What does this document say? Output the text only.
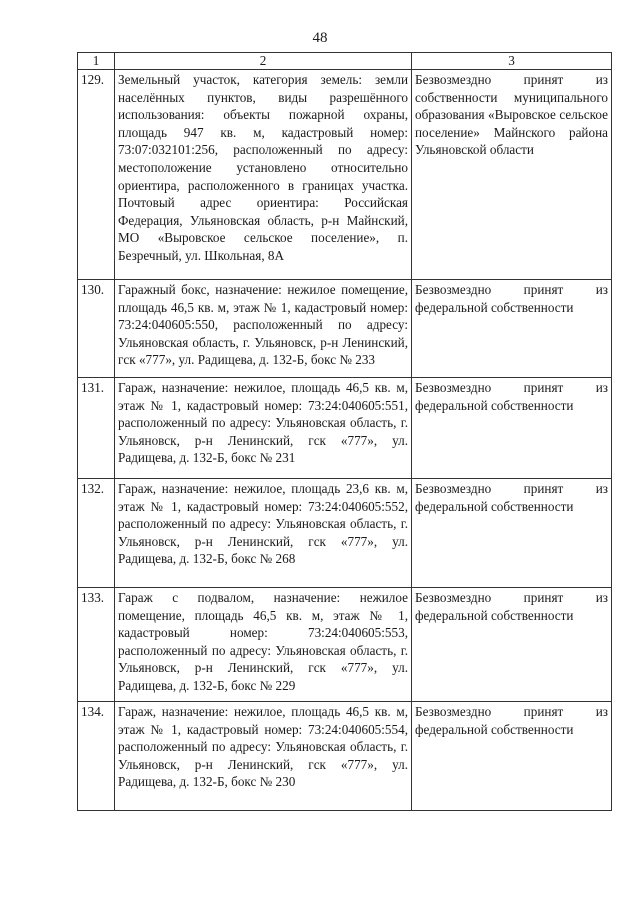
48
1	2	3
129.	Земельный участок, категория земель: земли населённых пунктов, виды разрешённого использования: объекты пожарной охраны, площадь 947 кв. м, кадастровый номер: 73:07:032101:256, расположенный по адресу: местоположение установлено относительно ориентира, расположенного в границах участка. Почтовый адрес ориентира: Российская Федерация, Ульяновская область, р-н Майнский, МО «Выровское сельское поселение», п. Безречный, ул. Школьная, 8А	Безвозмездно принят из собственности муниципального образования «Выровское сельское поселение» Майнского района Ульяновской области
130.	Гаражный бокс, назначение: нежилое помещение, площадь 46,5 кв. м, этаж № 1, кадастровый номер: 73:24:040605:550, расположенный по адресу: Ульяновская область, г. Ульяновск, р-н Ленинский, гск «777», ул. Радищева, д. 132-Б, бокс № 233	Безвозмездно принят из федеральной собственности
131.	Гараж, назначение: нежилое, площадь 46,5 кв. м, этаж № 1, кадастровый номер: 73:24:040605:551, расположенный по адресу: Ульяновская область, г. Ульяновск, р-н Ленинский, гск «777», ул. Радищева, д. 132-Б, бокс № 231	Безвозмездно принят из федеральной собственности
132.	Гараж, назначение: нежилое, площадь 23,6 кв. м, этаж № 1, кадастровый номер: 73:24:040605:552, расположенный по адресу: Ульяновская область, г. Ульяновск, р-н Ленинский, гск «777», ул. Радищева, д. 132-Б, бокс № 268	Безвозмездно принят из федеральной собственности
133.	Гараж с подвалом, назначение: нежилое помещение, площадь 46,5 кв. м, этаж № 1, кадастровый номер: 73:24:040605:553, расположенный по адресу: Ульяновская область, г. Ульяновск, р-н Ленинский, гск «777», ул. Радищева, д. 132-Б, бокс № 229	Безвозмездно принят из федеральной собственности
134.	Гараж, назначение: нежилое, площадь 46,5 кв. м, этаж № 1, кадастровый номер: 73:24:040605:554, расположенный по адресу: Ульяновская область, г. Ульяновск, р-н Ленинский, гск «777», ул. Радищева, д. 132-Б, бокс № 230	Безвозмездно принят из федеральной собственности
